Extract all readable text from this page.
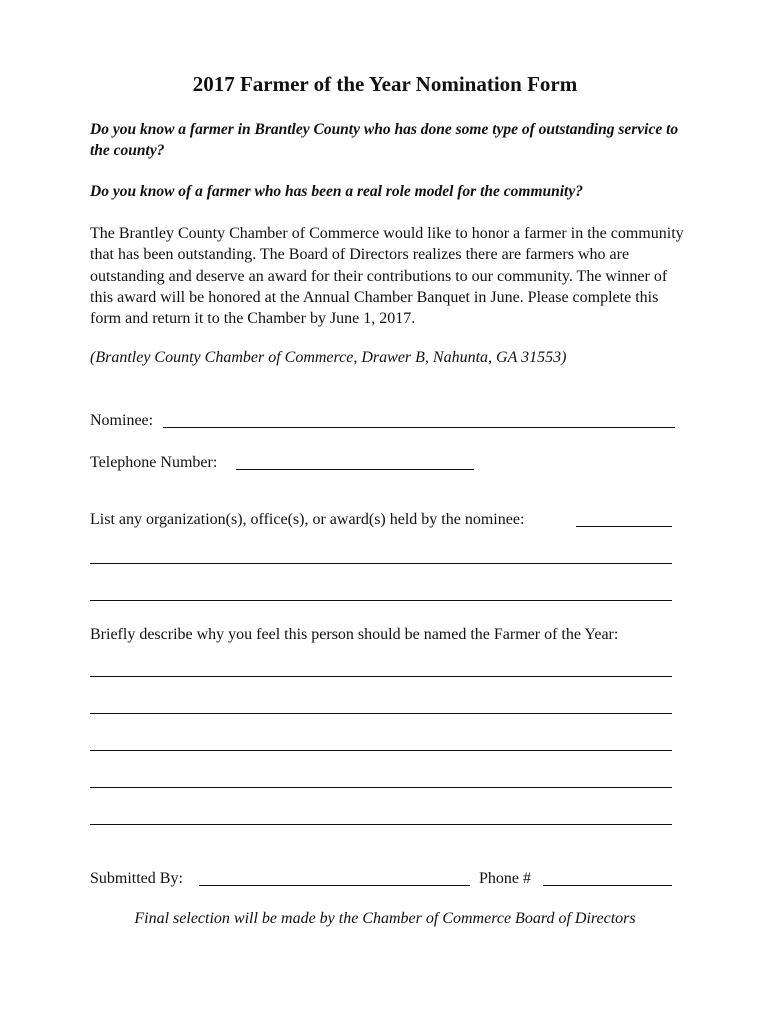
2017 Farmer of the Year Nomination Form

Do you know a farmer in Brantley County who has done some type of outstanding service to the county?

Do you know of a farmer who has been a real role model for the community?

The Brantley County Chamber of Commerce would like to honor a farmer in the community that has been outstanding. The Board of Directors realizes there are farmers who are outstanding and deserve an award for their contributions to our community. The winner of this award will be honored at the Annual Chamber Banquet in June. Please complete this form and return it to the Chamber by June 1, 2017.

(Brantley County Chamber of Commerce, Drawer B, Nahunta, GA 31553)

Nominee:
Telephone Number:
List any organization(s), office(s), or award(s) held by the nominee:
Briefly describe why you feel this person should be named the Farmer of the Year:
Submitted By:	Phone #

Final selection will be made by the Chamber of Commerce Board of Directors
